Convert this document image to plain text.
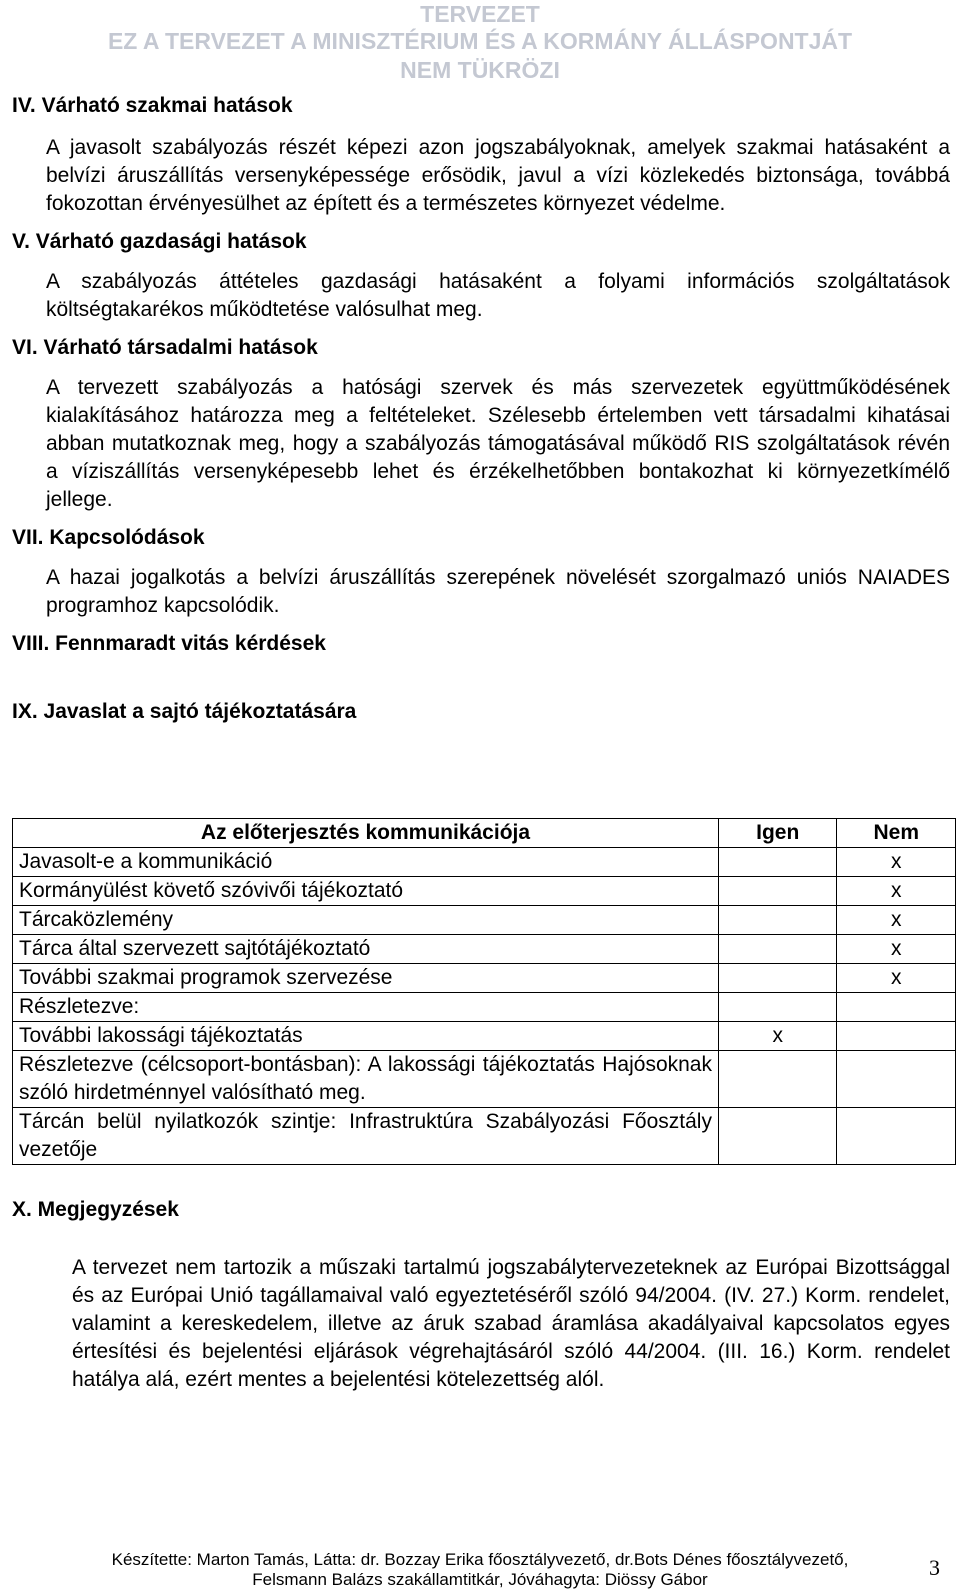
TERVEZET
EZ A TERVEZET A MINISZTÉRIUM ÉS A KORMÁNY ÁLLÁSPONTJÁT
NEM TÜKRÖZI
IV. Várható szakmai hatások

A javasolt szabályozás részét képezi azon jogszabályoknak, amelyek szakmai hatásaként a belvízi áruszállítás versenyképessége erősödik, javul a vízi közlekedés biztonsága, továbbá fokozottan érvényesülhet az épített és a természetes környezet védelme.

V. Várható gazdasági hatások

A szabályozás áttételes gazdasági hatásaként a folyami információs szolgáltatások költségtakarékos működtetése valósulhat meg.

VI. Várható társadalmi hatások

A tervezett szabályozás a hatósági szervek és más szervezetek együttműködésének kialakításához határozza meg a feltételeket. Szélesebb értelemben vett társadalmi kihatásai abban mutatkoznak meg, hogy a szabályozás támogatásával működő RIS szolgáltatások révén a víziszállítás versenyképesebb lehet és érzékelhetőbben bontakozhat ki környezetkímélő jellege.

VII. Kapcsolódások

A hazai jogalkotás a belvízi áruszállítás szerepének növelését szorgalmazó uniós NAIADES programhoz kapcsolódik.

VIII. Fennmaradt vitás kérdések
IX. Javaslat a sajtó tájékoztatására
Az előterjesztés kommunikációja	Igen	Nem
Javasolt-e a kommunikáció		x
Kormányülést követő szóvivői tájékoztató		x
Tárcaközlemény		x
Tárca által szervezett sajtótájékoztató		x
További szakmai programok szervezése		x
Részletezve:		
További lakossági tájékoztatás	x	
Részletezve (célcsoport-bontásban): A lakossági tájékoztatás Hajósoknak szóló hirdetménnyel valósítható meg.		
Tárcán belül nyilatkozók szintje: Infrastruktúra Szabályozási Főosztály vezetője		
X. Megjegyzések

A tervezet nem tartozik a műszaki tartalmú jogszabálytervezeteknek az Európai Bizottsággal és az Európai Unió tagállamaival való egyeztetéséről szóló 94/2004. (IV. 27.) Korm. rendelet, valamint a kereskedelem, illetve az áruk szabad áramlása akadályaival kapcsolatos egyes értesítési és bejelentési eljárások végrehajtásáról szóló 44/2004. (III. 16.) Korm. rendelet hatálya alá, ezért mentes a bejelentési kötelezettség alól.

Készítette: Marton Tamás, Látta: dr. Bozzay Erika főosztályvezető, dr.Bots Dénes főosztályvezető,
Felsmann Balázs szakállamtitkár, Jóváhagyta: Diössy Gábor	3
